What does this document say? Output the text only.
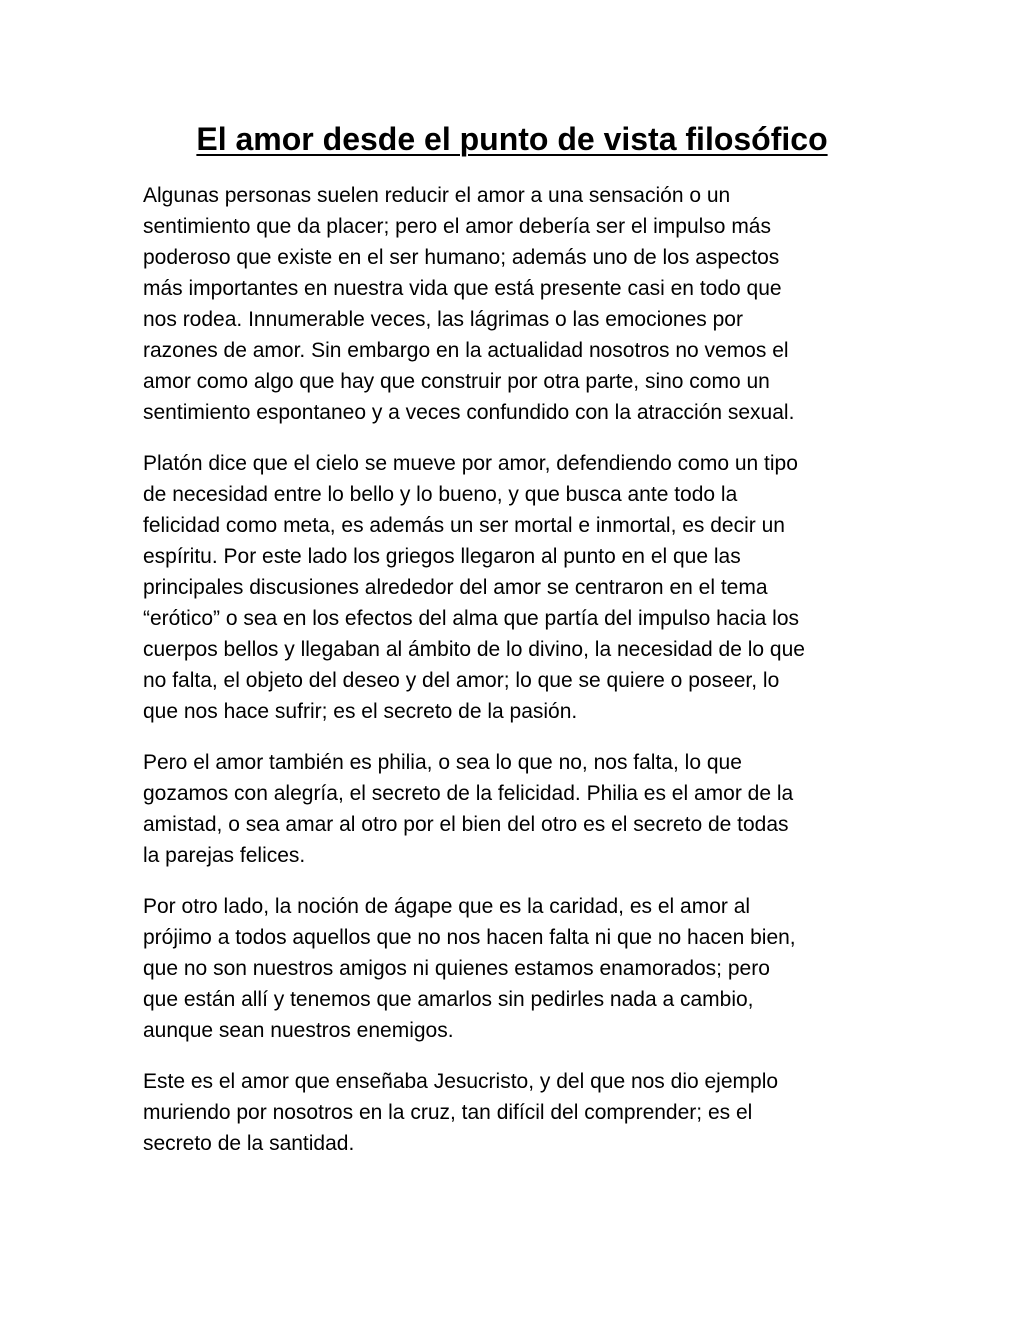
El amor desde el punto de vista filosófico

Algunas personas suelen reducir el amor a una sensación o un
sentimiento que da placer; pero el amor debería ser el impulso más
poderoso que existe en el ser humano; además uno de los aspectos
más importantes en nuestra vida que está presente casi en todo que
nos rodea. Innumerable veces, las lágrimas o las emociones por
razones de amor. Sin embargo en la actualidad nosotros no vemos el
amor como algo que hay que construir por otra parte, sino como un
sentimiento espontaneo y a veces confundido con la atracción sexual.

Platón dice que el cielo se mueve por amor, defendiendo como un tipo
de necesidad entre lo bello y lo bueno, y que busca ante todo la
felicidad como meta, es además un ser mortal e inmortal, es decir un
espíritu. Por este lado los griegos llegaron al punto en el que las
principales discusiones alrededor del amor se centraron en el tema
“erótico” o sea en los efectos del alma que partía del impulso hacia los
cuerpos bellos y llegaban al ámbito de lo divino, la necesidad de lo que
no falta, el objeto del deseo y del amor; lo que se quiere o poseer, lo
que nos hace sufrir; es el secreto de la pasión.

Pero el amor también es philia, o sea lo que no, nos falta, lo que
gozamos con alegría, el secreto de la felicidad. Philia es el amor de la
amistad, o sea amar al otro por el bien del otro es el secreto de todas
la parejas felices.

Por otro lado, la noción de ágape que es la caridad, es el amor al
prójimo a todos aquellos que no nos hacen falta ni que no hacen bien,
que no son nuestros amigos ni quienes estamos enamorados; pero
que están allí y tenemos que amarlos sin pedirles nada a cambio,
aunque sean nuestros enemigos.

Este es el amor que enseñaba Jesucristo, y del que nos dio ejemplo
muriendo por nosotros en la cruz, tan difícil del comprender; es el
secreto de la santidad.
